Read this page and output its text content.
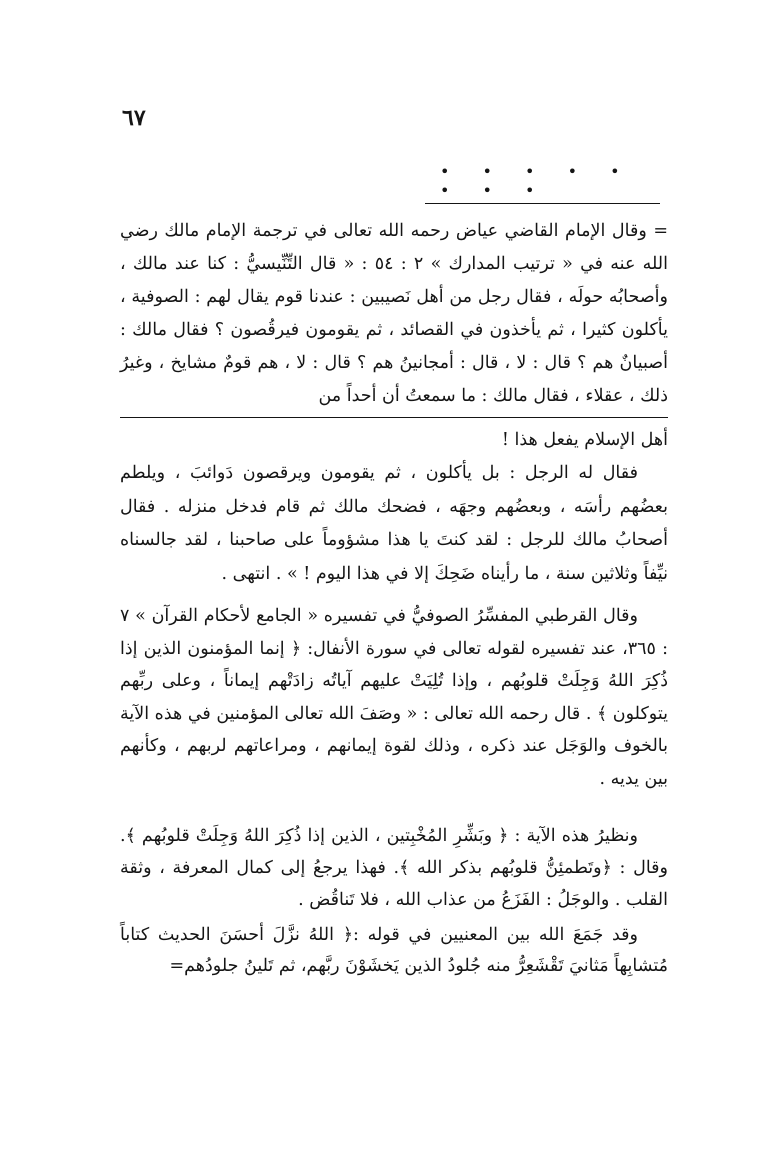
٦٧
• • • • • • • •

= وقال الإمام القاضي عياض رحمه الله تعالى في ترجمة الإمام مالك رضي الله عنه في « ترتيب المدارك » ٢ : ٥٤ : « قال التِّنِّيسيُّ : كنا عند مالك ، وأصحابُه حولَه ، فقال رجل من أهل نَصيبين : عندنا قوم يقال لهم : الصوفية ، يأكلون كثيرا ، ثم يأخذون في القصائد ، ثم يقومون فيرقُصون ؟ فقال مالك : أصبيانٌ هم ؟ قال : لا ، قال : أمجانينُ هم ؟ قال : لا ، هم قومٌ مشايخ ، وغيرُ ذلك ، عقلاء ، فقال مالك : ما سمعتُ أن أحداً من

أهل الإسلام يفعل هذا !

فقال له الرجل : بل يأكلون ، ثم يقومون ويرقصون دَوائبَ ، ويلطم بعضُهم رأسَه ، وبعضُهم وجهَه ، فضحك مالك ثم قام فدخل منزله . فقال أصحابُ مالك للرجل : لقد كنتَ يا هذا مشؤوماً على صاحبنا ، لقد جالسناه نيِّفاً وثلاثين سنة ، ما رأيناه ضَحِكَ إلا في هذا اليوم ! » . انتهى .

وقال القرطبي المفسِّرُ الصوفيُّ في تفسيره « الجامع لأحكام القرآن » ٧ : ٣٦٥، عند تفسيره لقوله تعالى في سورة الأنفال: ﴿ إنما المؤمنون الذين إذا ذُكِرَ اللهُ وَجِلَتْ قلوبُهم ، وإذا تُلِيَتْ عليهم آياتُه زادَتْهم إيماناً ، وعلى ربِّهم يتوكلون ﴾ . قال رحمه الله تعالى : « وصَفَ الله تعالى المؤمنين في هذه الآية بالخوف والوَجَل عند ذكره ، وذلك لقوة إيمانهم ، ومراعاتهم لربهم ، وكأنهم بين يديه .

ونظيرُ هذه الآية : ﴿ وبَشِّرِ المُخْبِتين ، الذين إذا ذُكِرَ اللهُ وَجِلَتْ قلوبُهم ﴾. وقال : ﴿وتَطمئِنُّ قلوبُهم بذكر الله ﴾. فهذا يرجعُ إلى كمال المعرفة ، وثقة القلب . والوجَلُ : الفَزَعُ من عذاب الله ، فلا تَناقُض .

وقد جَمَعَ الله بين المعنيين في قوله :﴿ اللهُ نزَّلَ أحسَنَ الحديث كتاباً مُتشابِهاً مَثانيَ تَقْشَعِرُّ منه جُلودُ الذين يَخشَوْنَ ربَّهم، ثم تَلينُ جلودُهم=
